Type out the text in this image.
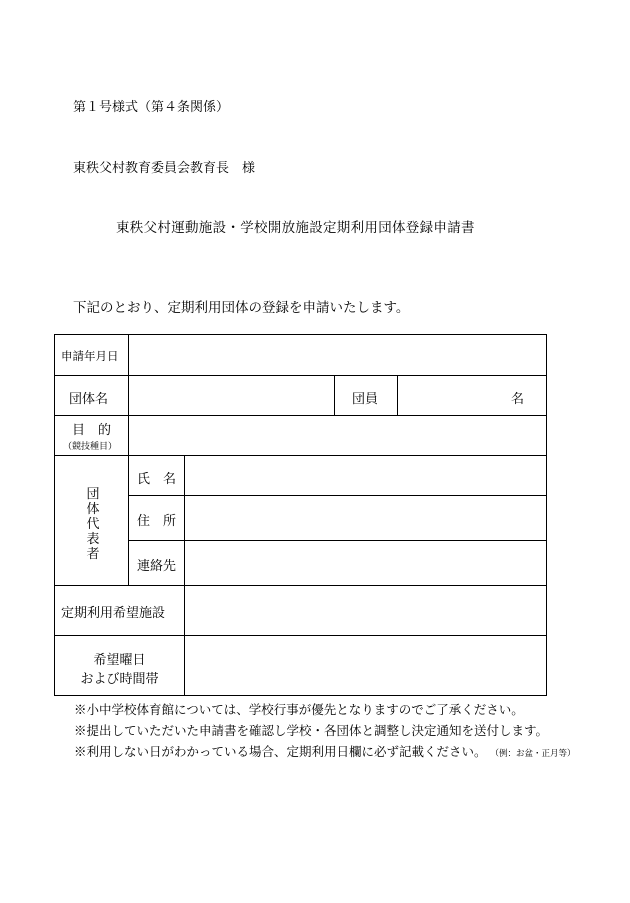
第１号様式（第４条関係）
東秩父村教育委員会教育長　様
東秩父村運動施設・学校開放施設定期利用団体登録申請書
下記のとおり、定期利用団体の登録を申請いたします。
申請年月日
団体名	団員	名
目　的
（競技種目）
団
体
代
表
者
氏　名
住　所
連絡先
定期利用希望施設
希望曜日
および時間帯
※小中学校体育館については、学校行事が優先となりますのでご了承ください。
※提出していただいた申請書を確認し学校・各団体と調整し決定通知を送付します。
※利用しない日がわかっている場合、定期利用日欄に必ず記載ください。 （例：お盆・正月等）
